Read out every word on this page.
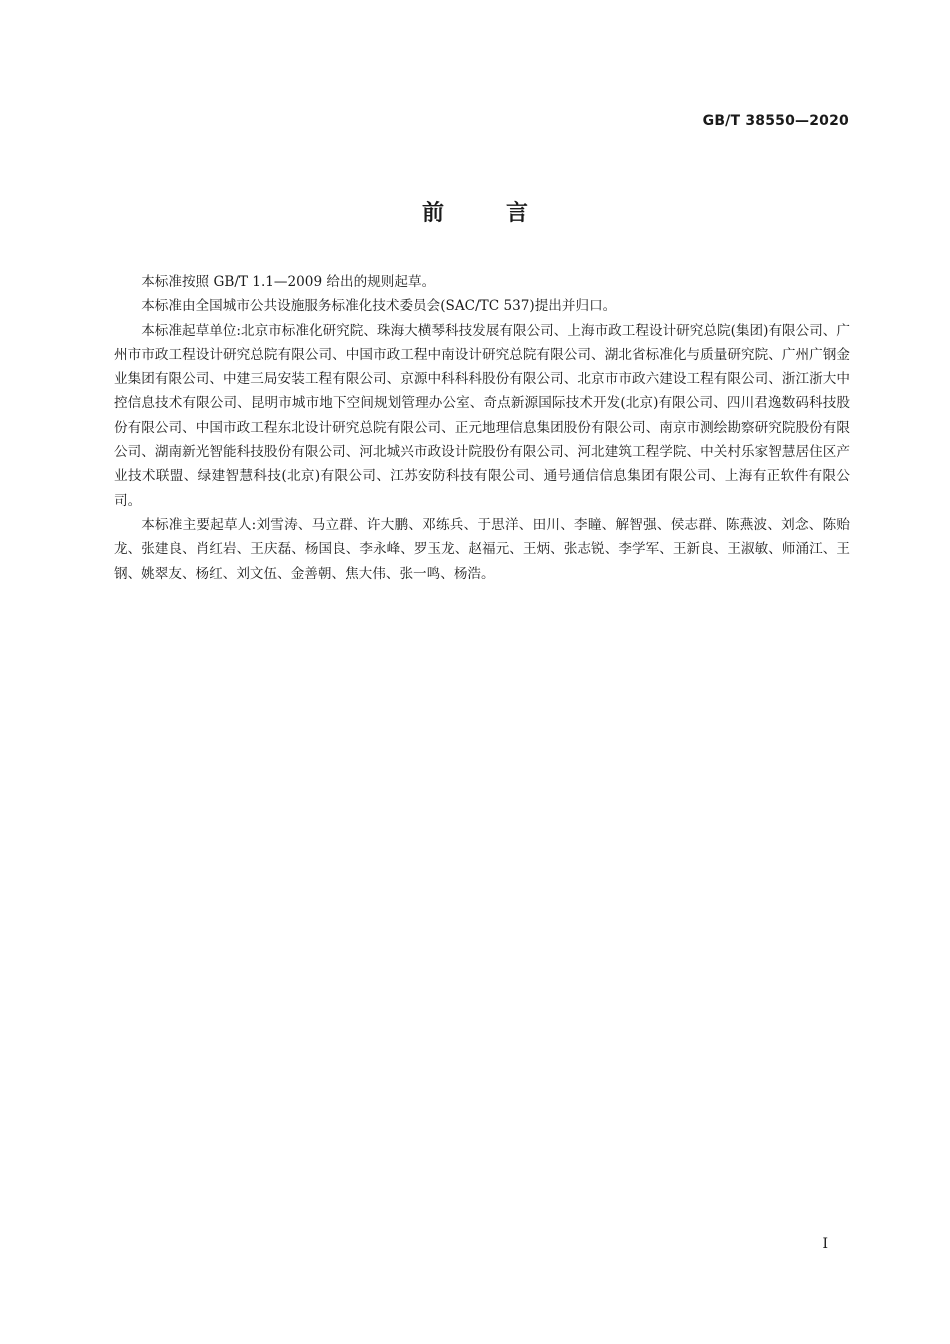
GB/T 38550—2020
前言

本标准按照 GB/T 1.1—2009 给出的规则起草。

本标准由全国城市公共设施服务标准化技术委员会(SAC/TC 537)提出并归口。

本标准起草单位:北京市标准化研究院、珠海大横琴科技发展有限公司、上海市政工程设计研究总院(集团)有限公司、广州市市政工程设计研究总院有限公司、中国市政工程中南设计研究总院有限公司、湖北省标准化与质量研究院、广州广钢金业集团有限公司、中建三局安装工程有限公司、京源中科科科股份有限公司、北京市市政六建设工程有限公司、浙江浙大中控信息技术有限公司、昆明市城市地下空间规划管理办公室、奇点新源国际技术开发(北京)有限公司、四川君逸数码科技股份有限公司、中国市政工程东北设计研究总院有限公司、正元地理信息集团股份有限公司、南京市测绘勘察研究院股份有限公司、湖南新光智能科技股份有限公司、河北城兴市政设计院股份有限公司、河北建筑工程学院、中关村乐家智慧居住区产业技术联盟、绿建智慧科技(北京)有限公司、江苏安防科技有限公司、通号通信信息集团有限公司、上海有正软件有限公司。

本标准主要起草人:刘雪涛、马立群、许大鹏、邓练兵、于思洋、田川、李瞳、解智强、侯志群、陈燕波、刘念、陈贻龙、张建良、肖红岩、王庆磊、杨国良、李永峰、罗玉龙、赵福元、王炳、张志锐、李学军、王新良、王淑敏、师涌江、王钢、姚翠友、杨红、刘文伍、金善朝、焦大伟、张一鸣、杨浩。

I
